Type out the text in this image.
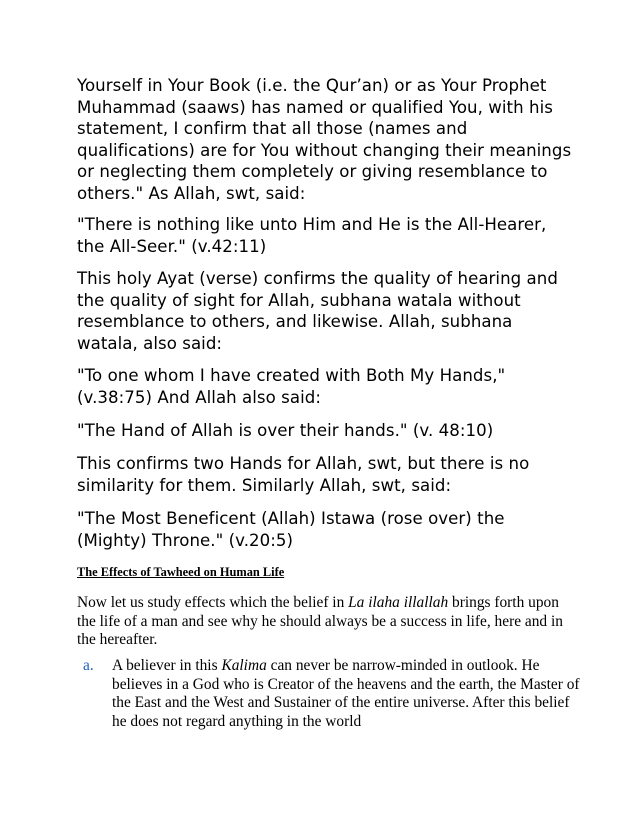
Yourself in Your Book (i.e. the Qur’an) or as Your Prophet Muhammad (saaws) has named or qualified You, with his statement, I confirm that all those (names and qualifications) are for You without changing their meanings or neglecting them completely or giving resemblance to others." As Allah, swt, said:

"There is nothing like unto Him and He is the All-Hearer, the All-Seer." (v.42:11)

This holy Ayat (verse) confirms the quality of hearing and the quality of sight for Allah, subhana watala without resemblance to others, and likewise. Allah, subhana watala, also said:

"To one whom I have created with Both My Hands," (v.38:75) And Allah also said:

"The Hand of Allah is over their hands." (v. 48:10)

This confirms two Hands for Allah, swt, but there is no similarity for them. Similarly Allah, swt, said:

"The Most Beneficent (Allah) Istawa (rose over) the (Mighty) Throne." (v.20:5)

The Effects of Tawheed on Human Life

Now let us study effects which the belief in La ilaha illallah brings forth upon the life of a man and see why he should always be a success in life, here and in the hereafter.

a. A believer in this Kalima can never be narrow-minded in outlook. He believes in a God who is Creator of the heavens and the earth, the Master of the East and the West and Sustainer of the entire universe. After this belief he does not regard anything in the world
